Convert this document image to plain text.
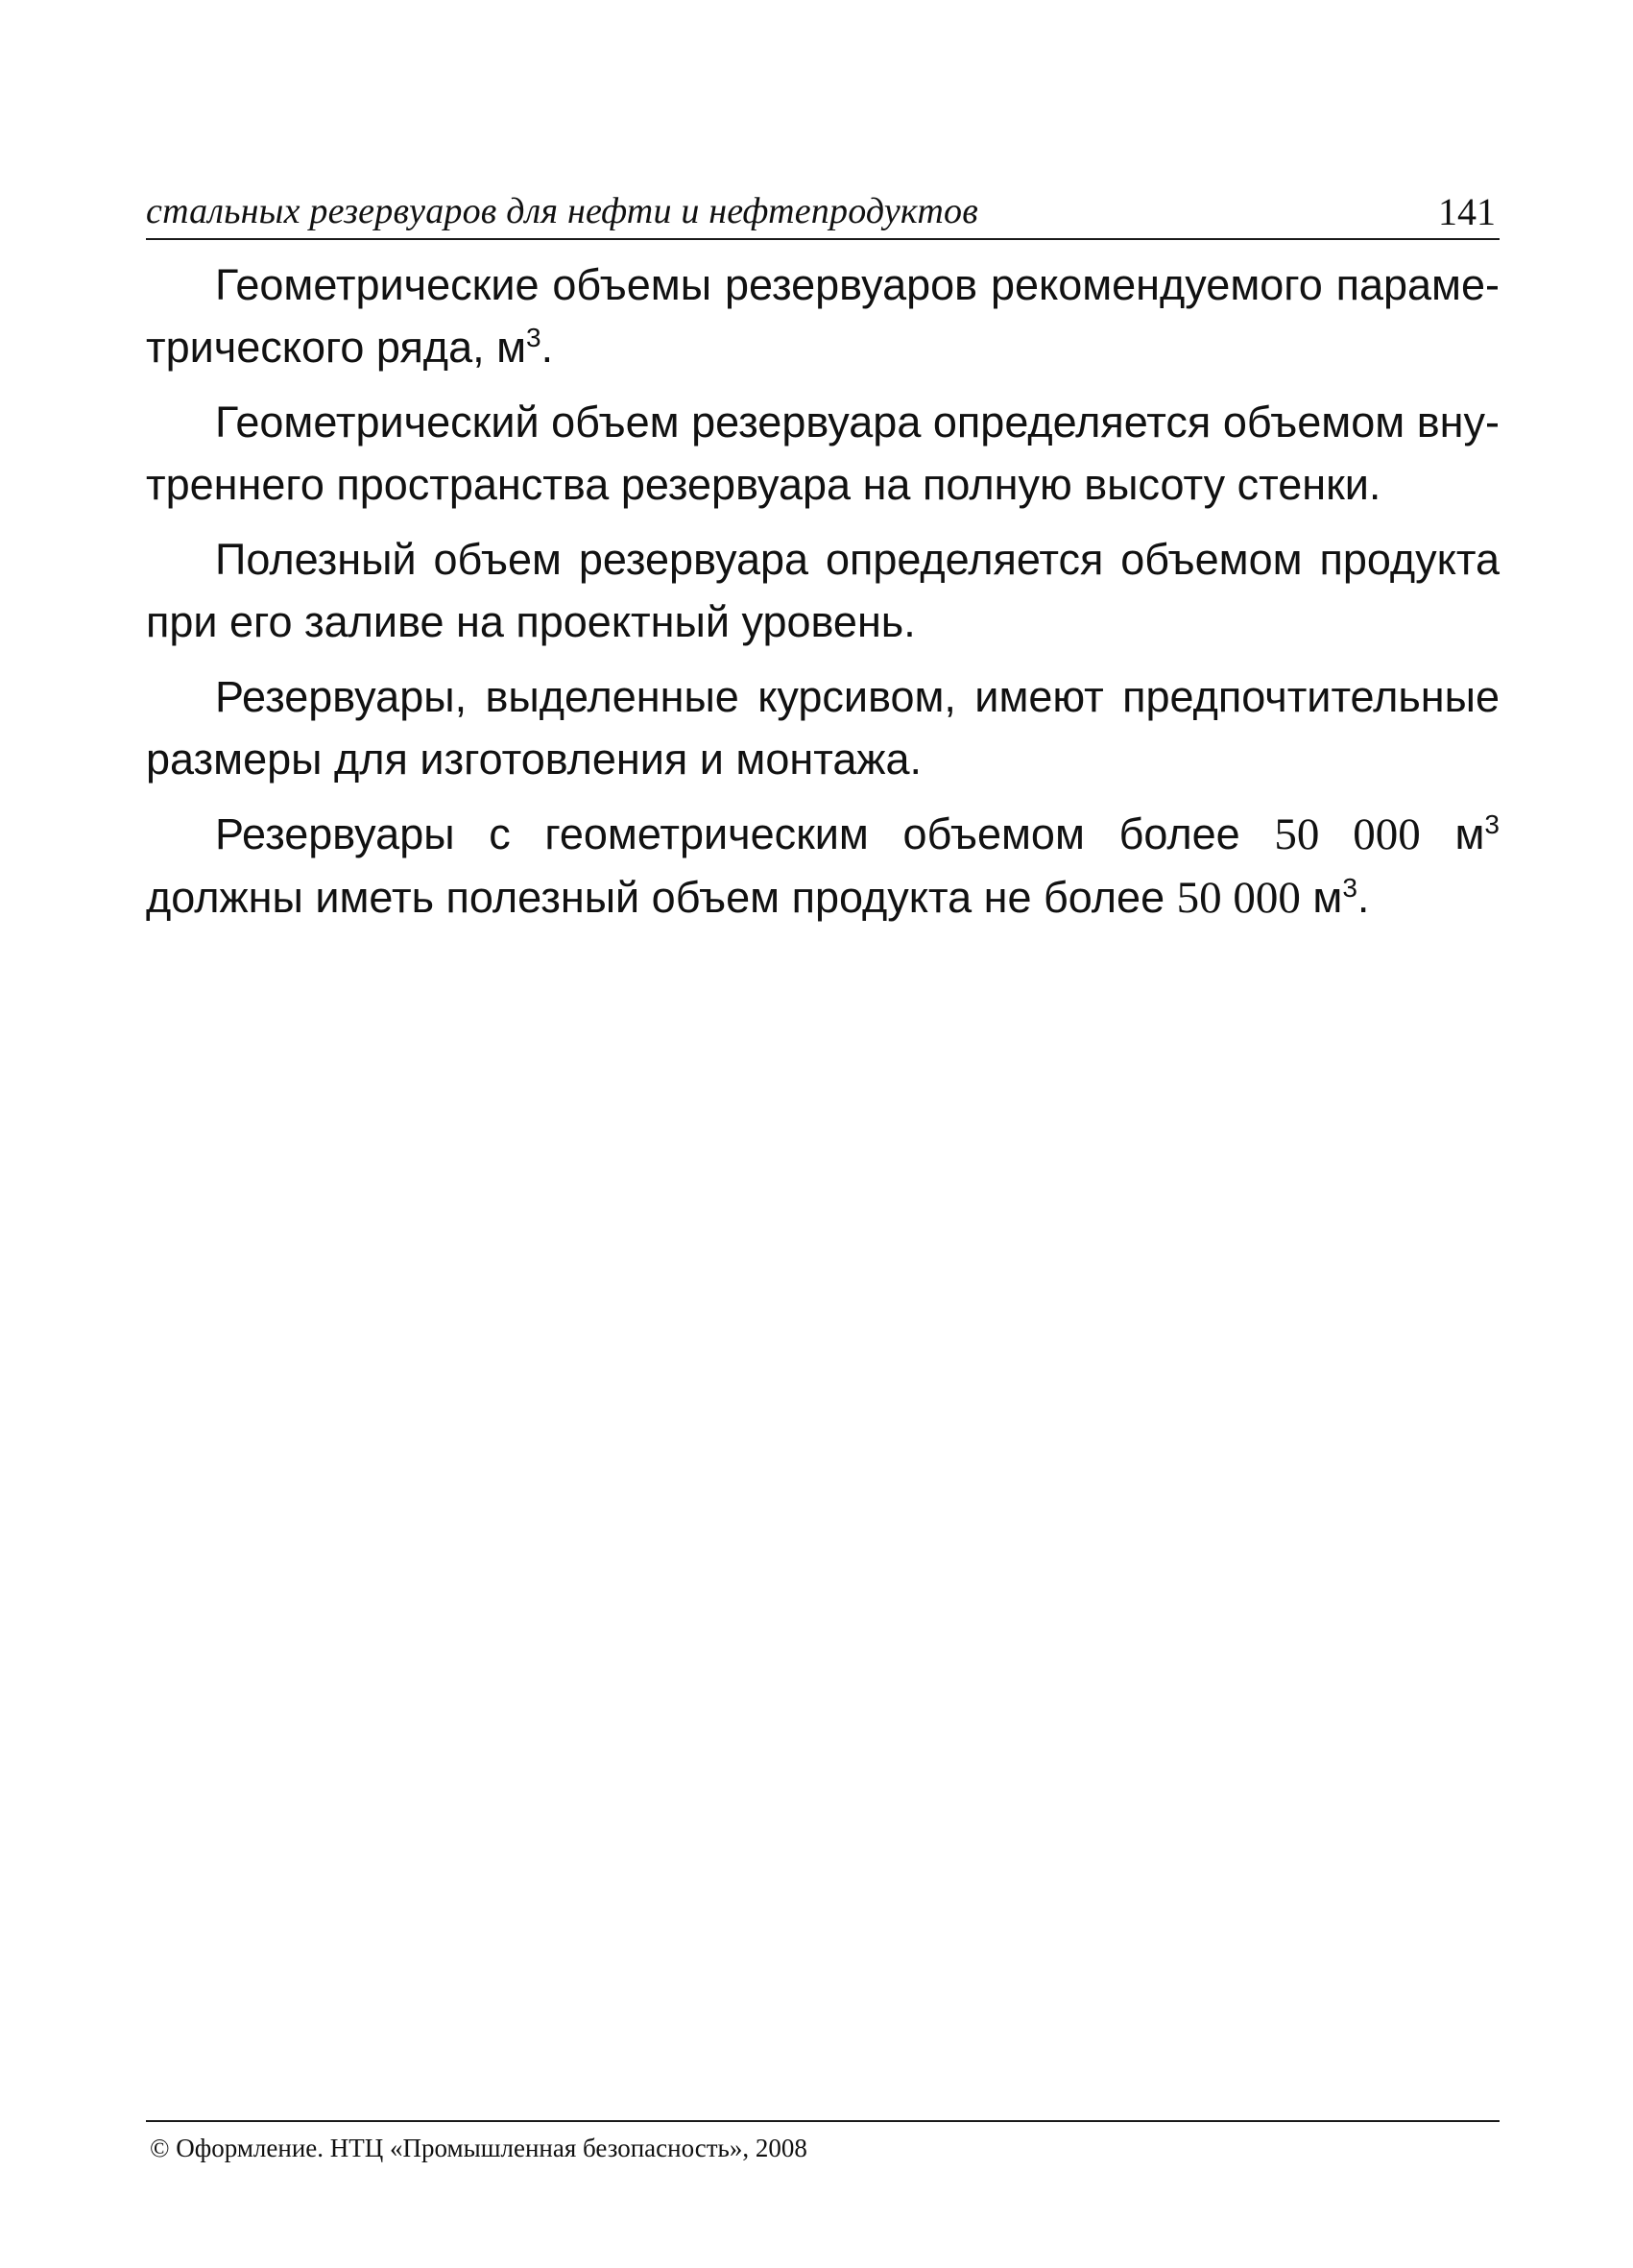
стальных резервуаров для нефти и нефтепродуктов	141

Геометрические объемы резервуаров рекомендуемого параме-трического ряда, $м^3$.

Геометрический объем резервуара определяется объемом вну-треннего пространства резервуара на полную высоту стенки.

Полезный объем резервуара определяется объемом продукта при его заливе на проектный уровень.

Резервуары, выделенные курсивом, имеют предпочтительные размеры для изготовления и монтажа.

Резервуары с геометрическим объемом более 50 000 $м^3$ должны иметь полезный объем продукта не более 50 000 $м^3$.

© Оформление. НТЦ «Промышленная безопасность», 2008
